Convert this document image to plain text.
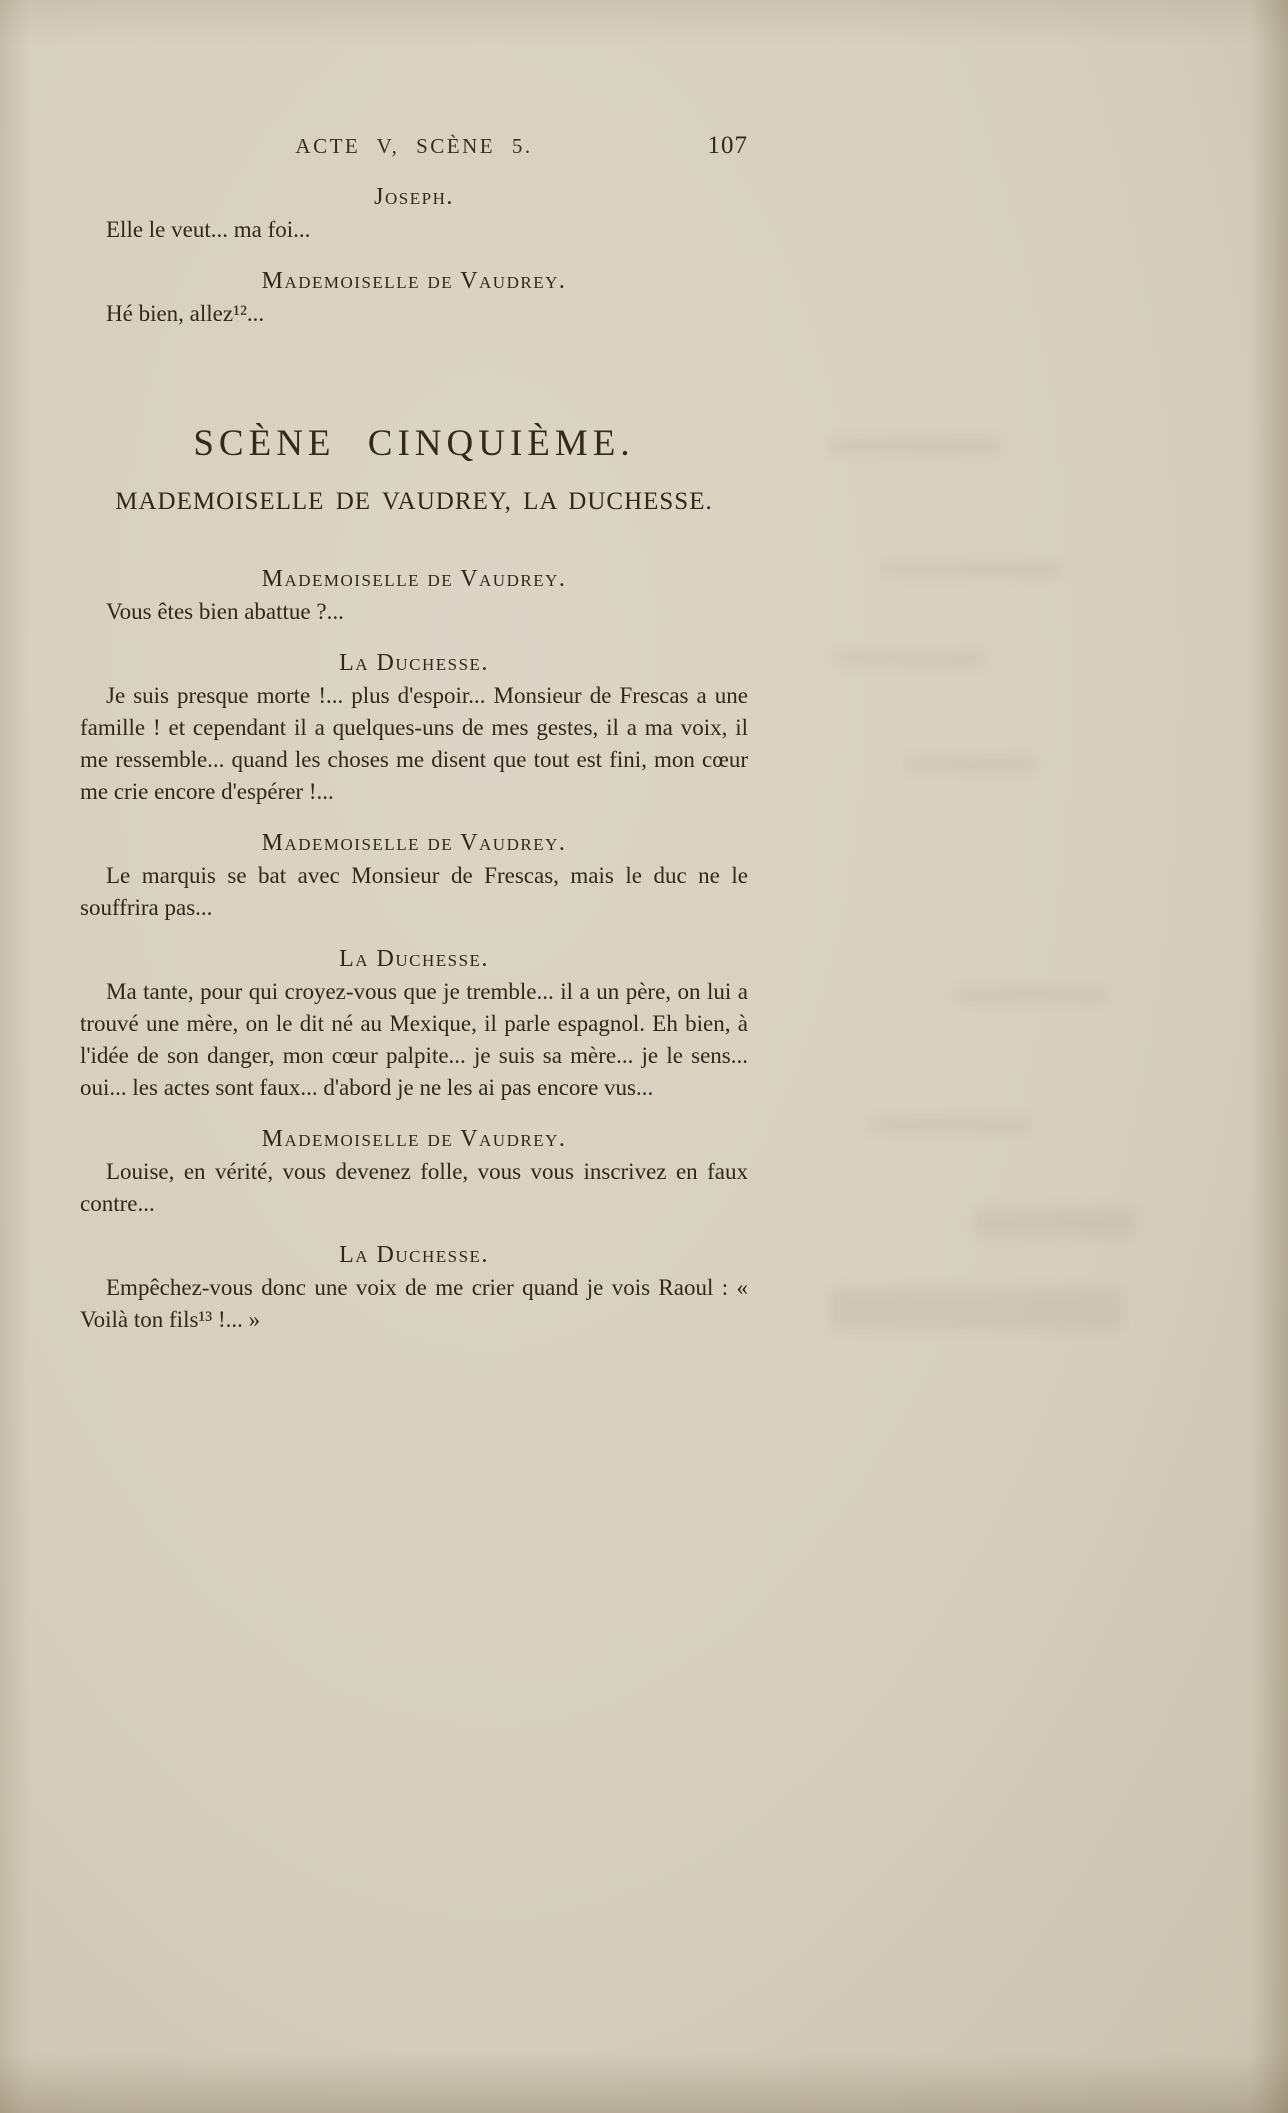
ACTE V, SCÈNE 5.	107

Joseph.

Elle le veut... ma foi...

Mademoiselle de Vaudrey.

Hé bien, allez¹²...

SCÈNE CINQUIÈME.

MADEMOISELLE DE VAUDREY, LA DUCHESSE.

Mademoiselle de Vaudrey.

Vous êtes bien abattue ?...

La Duchesse.

Je suis presque morte !... plus d'espoir... Monsieur de Frescas a une famille ! et cependant il a quelques-uns de mes gestes, il a ma voix, il me ressemble... quand les choses me disent que tout est fini, mon cœur me crie encore d'espérer !...

Mademoiselle de Vaudrey.

Le marquis se bat avec Monsieur de Frescas, mais le duc ne le souffrira pas...

La Duchesse.

Ma tante, pour qui croyez-vous que je tremble... il a un père, on lui a trouvé une mère, on le dit né au Mexique, il parle espagnol. Eh bien, à l'idée de son danger, mon cœur palpite... je suis sa mère... je le sens... oui... les actes sont faux... d'abord je ne les ai pas encore vus...

Mademoiselle de Vaudrey.

Louise, en vérité, vous devenez folle, vous vous inscrivez en faux contre...

La Duchesse.

Empêchez-vous donc une voix de me crier quand je vois Raoul : « Voilà ton fils¹³ !... »
